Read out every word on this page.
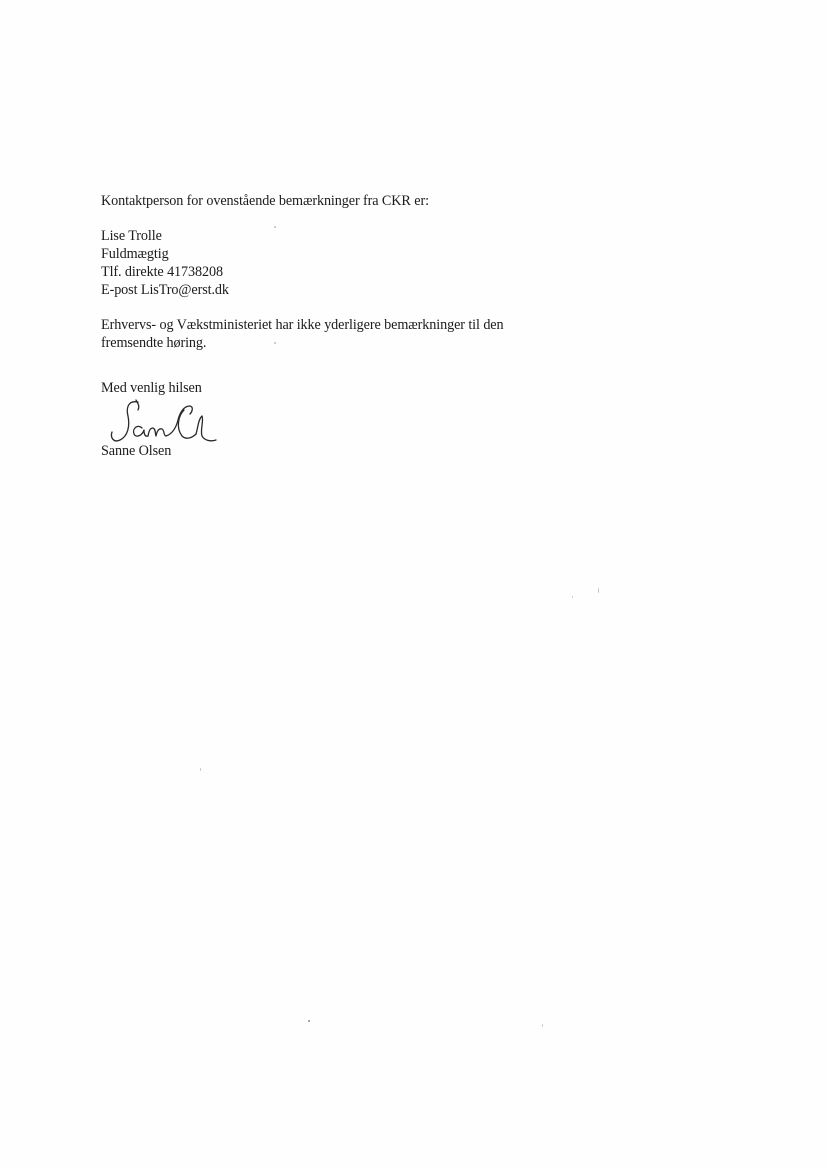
Kontaktperson for ovenstående bemærkninger fra CKR er:

Lise Trolle
Fuldmægtig
Tlf. direkte 41738208
E-post LisTro@erst.dk
Erhvervs- og Vækstministeriet har ikke yderligere bemærkninger til den
fremsendte høring.
Med venlig hilsen
Sanne Olsen
